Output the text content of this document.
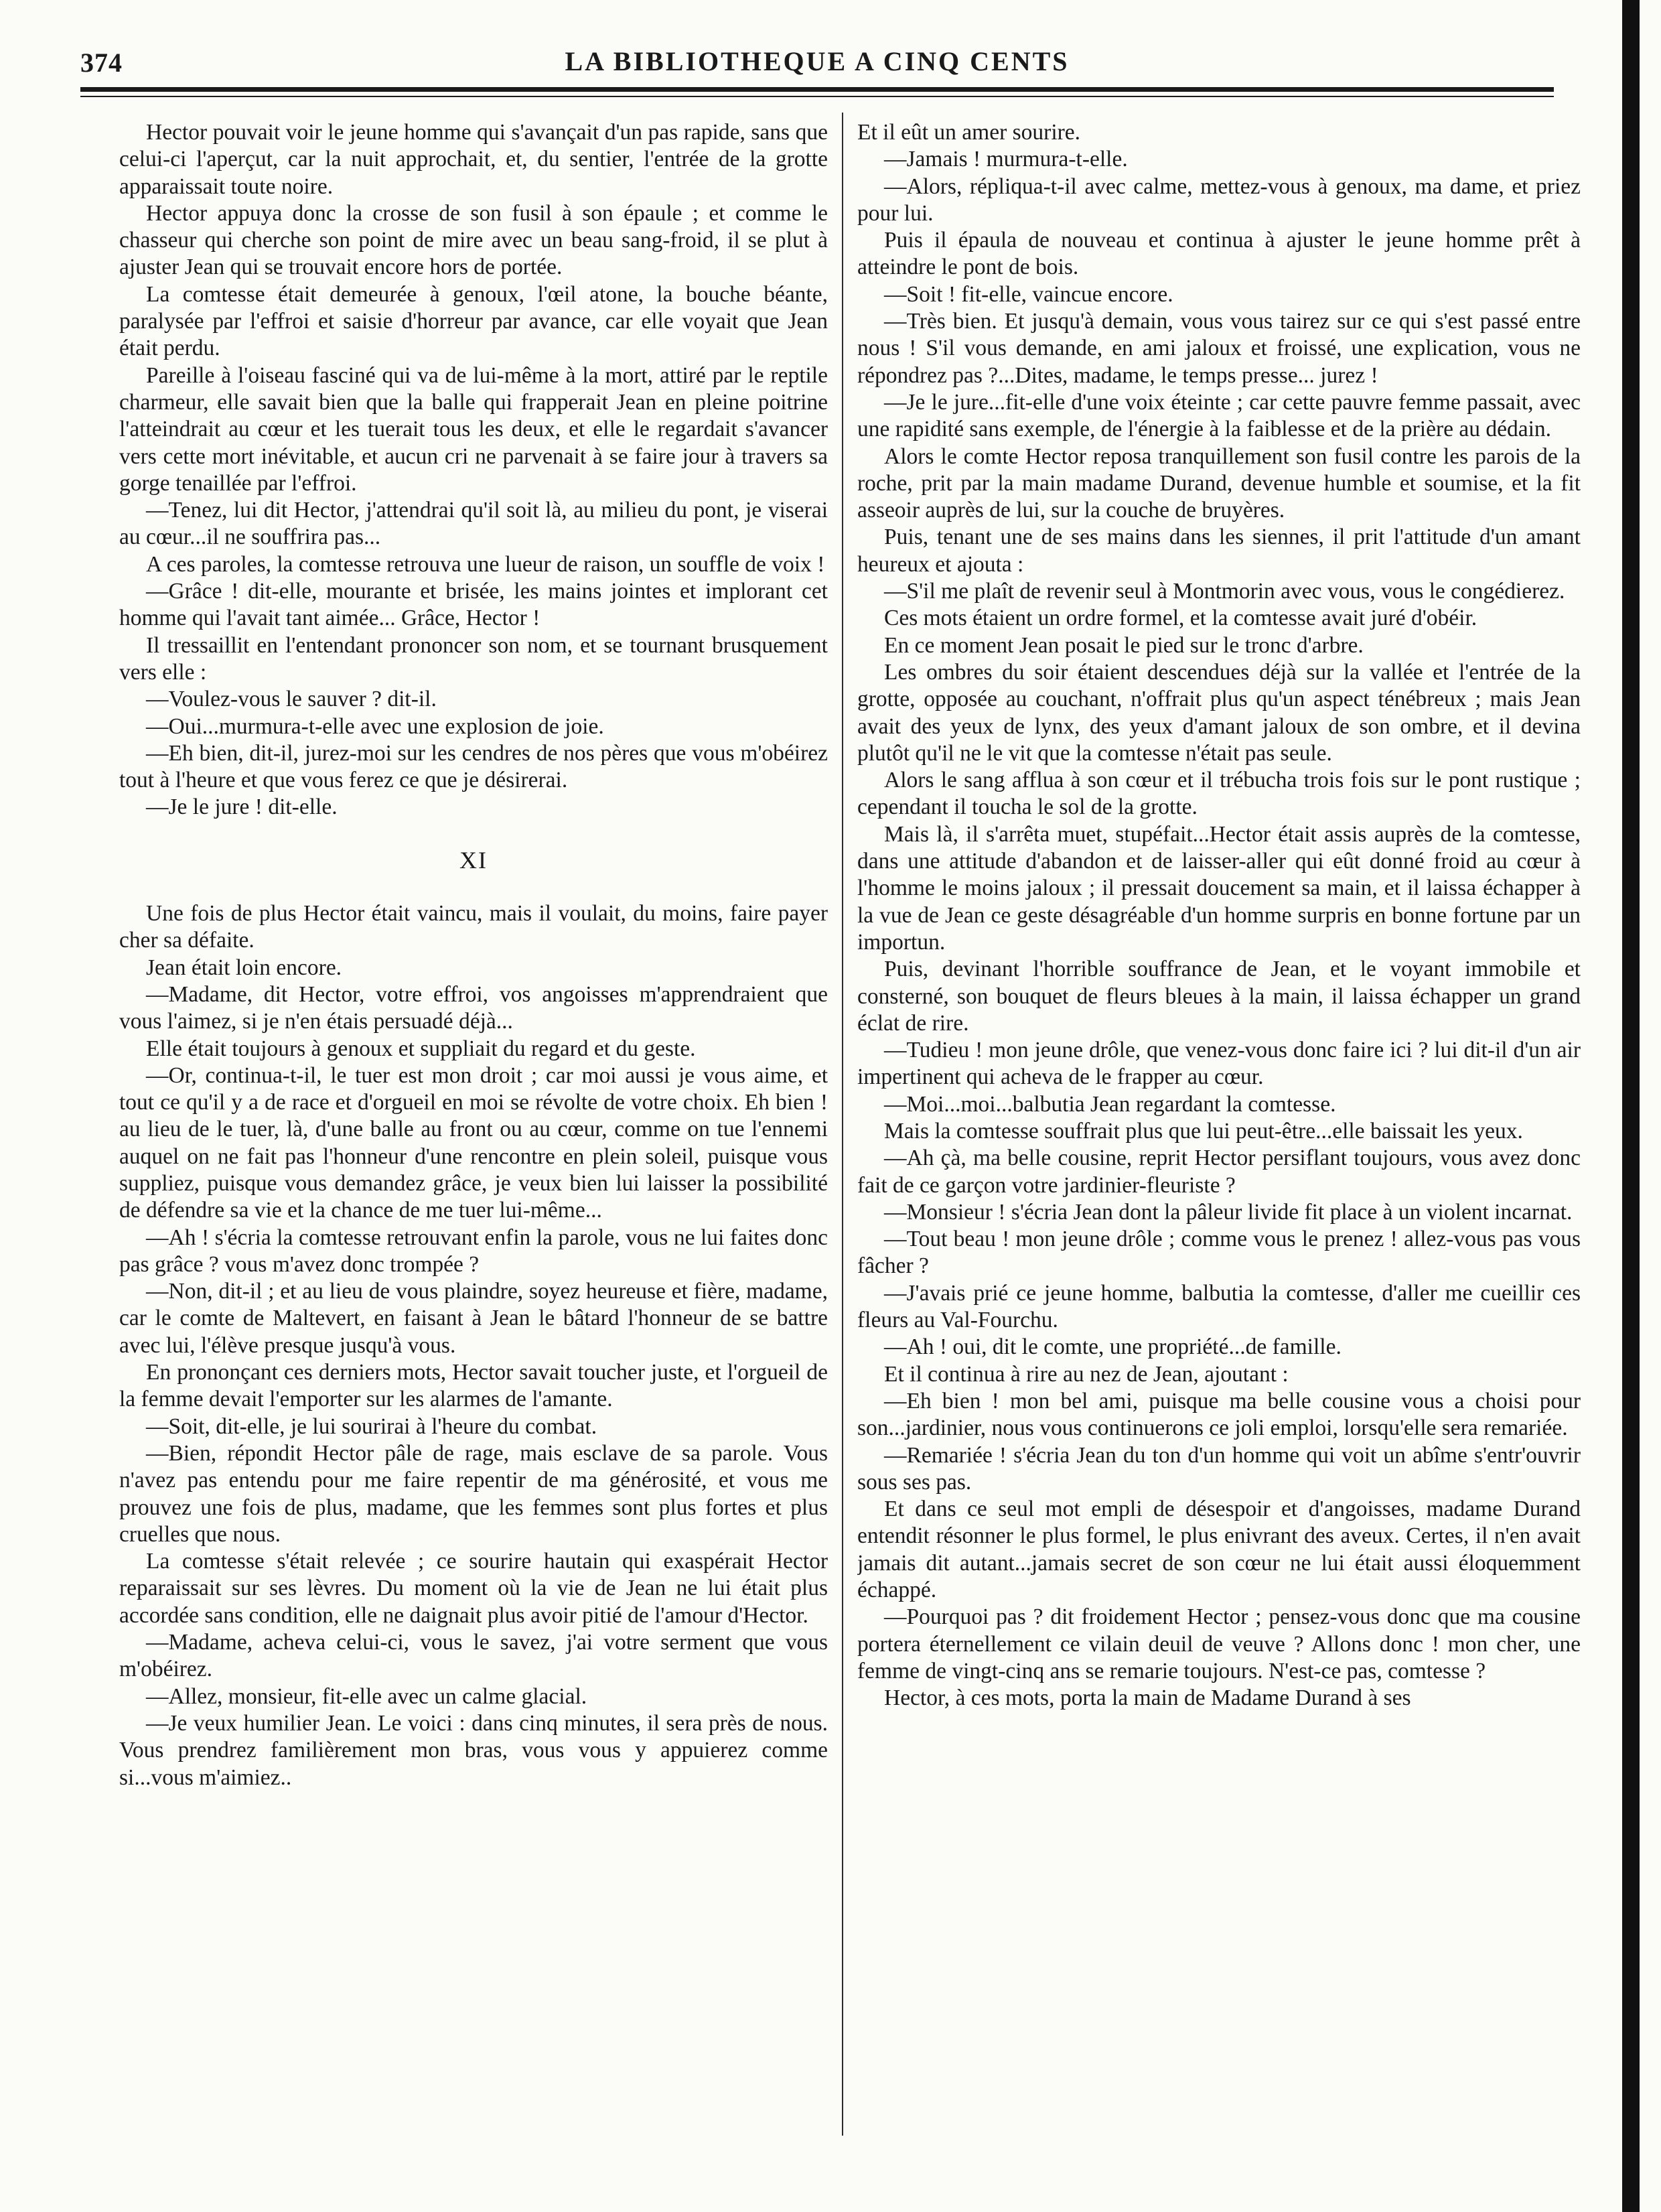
374	LA BIBLIOTHEQUE A CINQ CENTS

Hector pouvait voir le jeune homme qui s'avançait d'un pas rapide, sans que celui-ci l'aperçut, car la nuit approchait, et, du sentier, l'entrée de la grotte apparaissait toute noire.

Hector appuya donc la crosse de son fusil à son épaule ; et comme le chasseur qui cherche son point de mire avec un beau sang-froid, il se plut à ajuster Jean qui se trouvait encore hors de portée.

La comtesse était demeurée à genoux, l'œil atone, la bouche béante, paralysée par l'effroi et saisie d'horreur par avance, car elle voyait que Jean était perdu.

Pareille à l'oiseau fasciné qui va de lui-même à la mort, attiré par le reptile charmeur, elle savait bien que la balle qui frapperait Jean en pleine poitrine l'atteindrait au cœur et les tuerait tous les deux, et elle le regardait s'avancer vers cette mort inévitable, et aucun cri ne parvenait à se faire jour à travers sa gorge tenaillée par l'effroi.

—Tenez, lui dit Hector, j'attendrai qu'il soit là, au milieu du pont, je viserai au cœur...il ne souffrira pas...

A ces paroles, la comtesse retrouva une lueur de raison, un souffle de voix !

—Grâce ! dit-elle, mourante et brisée, les mains jointes et implorant cet homme qui l'avait tant aimée... Grâce, Hector !

Il tressaillit en l'entendant prononcer son nom, et se tournant brusquement vers elle :

—Voulez-vous le sauver ? dit-il.

—Oui...murmura-t-elle avec une explosion de joie.

—Eh bien, dit-il, jurez-moi sur les cendres de nos pères que vous m'obéirez tout à l'heure et que vous ferez ce que je désirerai.

—Je le jure ! dit-elle.

XI

Une fois de plus Hector était vaincu, mais il voulait, du moins, faire payer cher sa défaite.

Jean était loin encore.

—Madame, dit Hector, votre effroi, vos angoisses m'apprendraient que vous l'aimez, si je n'en étais persuadé déjà...

Elle était toujours à genoux et suppliait du regard et du geste.

—Or, continua-t-il, le tuer est mon droit ; car moi aussi je vous aime, et tout ce qu'il y a de race et d'orgueil en moi se révolte de votre choix. Eh bien ! au lieu de le tuer, là, d'une balle au front ou au cœur, comme on tue l'ennemi auquel on ne fait pas l'honneur d'une rencontre en plein soleil, puisque vous suppliez, puisque vous demandez grâce, je veux bien lui laisser la possibilité de défendre sa vie et la chance de me tuer lui-même...

—Ah ! s'écria la comtesse retrouvant enfin la parole, vous ne lui faites donc pas grâce ? vous m'avez donc trompée ?

—Non, dit-il ; et au lieu de vous plaindre, soyez heureuse et fière, madame, car le comte de Maltevert, en faisant à Jean le bâtard l'honneur de se battre avec lui, l'élève presque jusqu'à vous.

En prononçant ces derniers mots, Hector savait toucher juste, et l'orgueil de la femme devait l'emporter sur les alarmes de l'amante.

—Soit, dit-elle, je lui sourirai à l'heure du combat.

—Bien, répondit Hector pâle de rage, mais esclave de sa parole. Vous n'avez pas entendu pour me faire repentir de ma générosité, et vous me prouvez une fois de plus, madame, que les femmes sont plus fortes et plus cruelles que nous.

La comtesse s'était relevée ; ce sourire hautain qui exaspérait Hector reparaissait sur ses lèvres. Du moment où la vie de Jean ne lui était plus accordée sans condition, elle ne daignait plus avoir pitié de l'amour d'Hector.

—Madame, acheva celui-ci, vous le savez, j'ai votre serment que vous m'obéirez.

—Allez, monsieur, fit-elle avec un calme glacial.

—Je veux humilier Jean. Le voici : dans cinq minutes, il sera près de nous. Vous prendrez familièrement mon bras, vous vous y appuierez comme si...vous m'aimiez..

Et il eût un amer sourire.

—Jamais ! murmura-t-elle.

—Alors, répliqua-t-il avec calme, mettez-vous à genoux, ma dame, et priez pour lui.

Puis il épaula de nouveau et continua à ajuster le jeune homme prêt à atteindre le pont de bois.

—Soit ! fit-elle, vaincue encore.

—Très bien. Et jusqu'à demain, vous vous tairez sur ce qui s'est passé entre nous ! S'il vous demande, en ami jaloux et froissé, une explication, vous ne répondrez pas ?...Dites, madame, le temps presse... jurez !

—Je le jure...fit-elle d'une voix éteinte ; car cette pauvre femme passait, avec une rapidité sans exemple, de l'énergie à la faiblesse et de la prière au dédain.

Alors le comte Hector reposa tranquillement son fusil contre les parois de la roche, prit par la main madame Durand, devenue humble et soumise, et la fit asseoir auprès de lui, sur la couche de bruyères.

Puis, tenant une de ses mains dans les siennes, il prit l'attitude d'un amant heureux et ajouta :

—S'il me plaît de revenir seul à Montmorin avec vous, vous le congédierez.

Ces mots étaient un ordre formel, et la comtesse avait juré d'obéir.

En ce moment Jean posait le pied sur le tronc d'arbre.

Les ombres du soir étaient descendues déjà sur la vallée et l'entrée de la grotte, opposée au couchant, n'offrait plus qu'un aspect ténébreux ; mais Jean avait des yeux de lynx, des yeux d'amant jaloux de son ombre, et il devina plutôt qu'il ne le vit que la comtesse n'était pas seule.

Alors le sang afflua à son cœur et il trébucha trois fois sur le pont rustique ; cependant il toucha le sol de la grotte.

Mais là, il s'arrêta muet, stupéfait...Hector était assis auprès de la comtesse, dans une attitude d'abandon et de laisser-aller qui eût donné froid au cœur à l'homme le moins jaloux ; il pressait doucement sa main, et il laissa échapper à la vue de Jean ce geste désagréable d'un homme surpris en bonne fortune par un importun.

Puis, devinant l'horrible souffrance de Jean, et le voyant immobile et consterné, son bouquet de fleurs bleues à la main, il laissa échapper un grand éclat de rire.

—Tudieu ! mon jeune drôle, que venez-vous donc faire ici ? lui dit-il d'un air impertinent qui acheva de le frapper au cœur.

—Moi...moi...balbutia Jean regardant la comtesse.

Mais la comtesse souffrait plus que lui peut-être...elle baissait les yeux.

—Ah çà, ma belle cousine, reprit Hector persiflant toujours, vous avez donc fait de ce garçon votre jardinier-fleuriste ?

—Monsieur ! s'écria Jean dont la pâleur livide fit place à un violent incarnat.

—Tout beau ! mon jeune drôle ; comme vous le prenez ! allez-vous pas vous fâcher ?

—J'avais prié ce jeune homme, balbutia la comtesse, d'aller me cueillir ces fleurs au Val-Fourchu.

—Ah ! oui, dit le comte, une propriété...de famille.

Et il continua à rire au nez de Jean, ajoutant :

—Eh bien ! mon bel ami, puisque ma belle cousine vous a choisi pour son...jardinier, nous vous continuerons ce joli emploi, lorsqu'elle sera remariée.

—Remariée ! s'écria Jean du ton d'un homme qui voit un abîme s'entr'ouvrir sous ses pas.

Et dans ce seul mot empli de désespoir et d'angoisses, madame Durand entendit résonner le plus formel, le plus enivrant des aveux. Certes, il n'en avait jamais dit autant...jamais secret de son cœur ne lui était aussi éloquemment échappé.

—Pourquoi pas ? dit froidement Hector ; pensez-vous donc que ma cousine portera éternellement ce vilain deuil de veuve ? Allons donc ! mon cher, une femme de vingt-cinq ans se remarie toujours. N'est-ce pas, comtesse ?

Hector, à ces mots, porta la main de Madame Durand à ses
